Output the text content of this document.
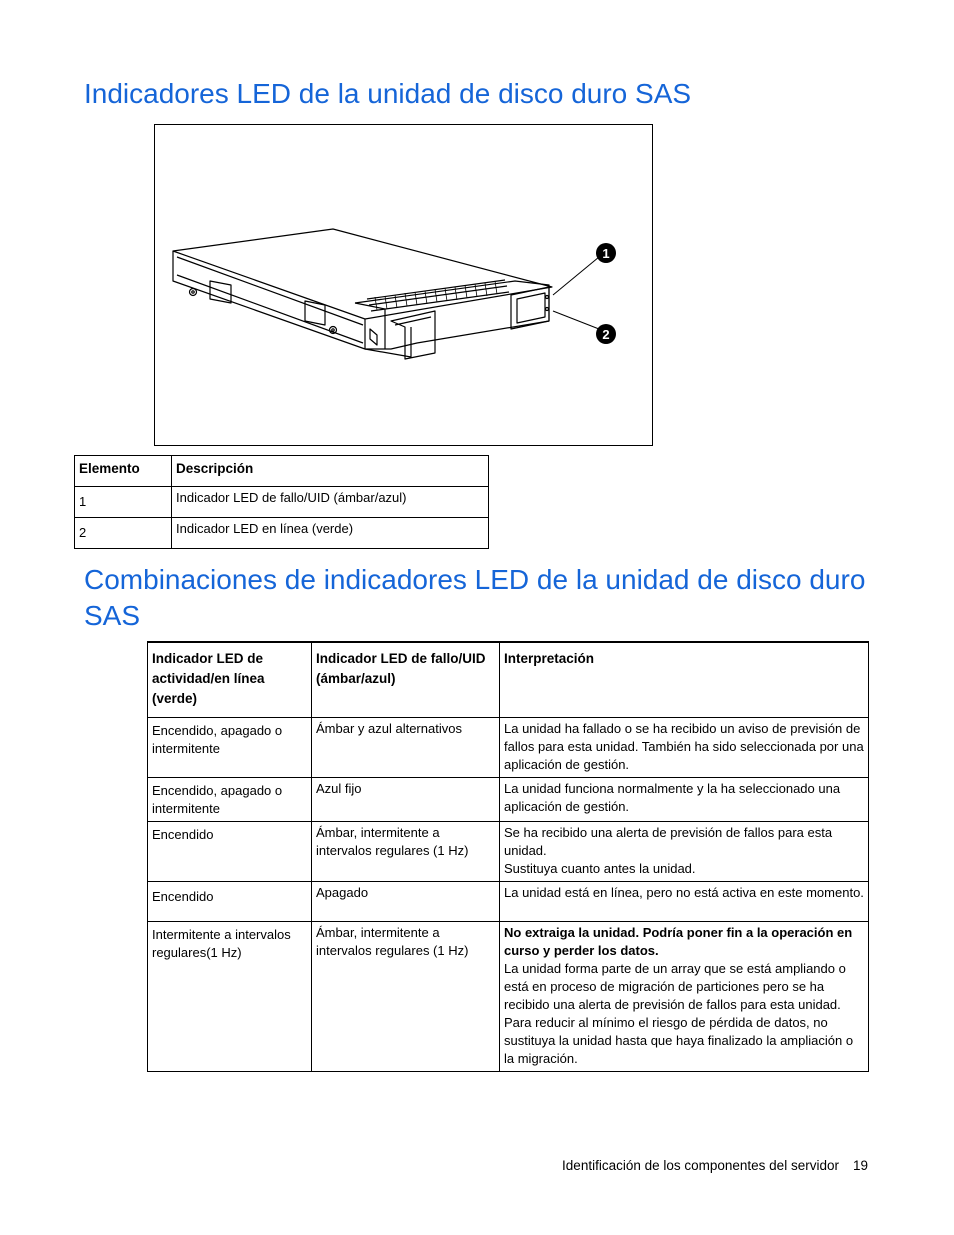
Indicadores LED de la unidad de disco duro SAS
1
2
Elemento	Descripción
1	Indicador LED de fallo/UID (ámbar/azul)
2	Indicador LED en línea (verde)
Combinaciones de indicadores LED de la unidad de disco duro SAS
Indicador LED de actividad/en línea (verde)	Indicador LED de fallo/UID (ámbar/azul)	Interpretación
Encendido, apagado o intermitente	Ámbar y azul alternativos	La unidad ha fallado o se ha recibido un aviso de previsión de fallos para esta unidad. También ha sido seleccionada por una aplicación de gestión.
Encendido, apagado o intermitente	Azul fijo	La unidad funciona normalmente y la ha seleccionado una aplicación de gestión.
Encendido	Ámbar, intermitente a intervalos regulares (1 Hz)	Se ha recibido una alerta de previsión de fallos para esta unidad.
Sustituya cuanto antes la unidad.

Encendido	Apagado	La unidad está en línea, pero no está activa en este momento.
Intermitente a intervalos regulares(1 Hz)	Ámbar, intermitente a intervalos regulares (1 Hz)	No extraiga la unidad. Podría poner fin a la operación en curso y perder los datos.
La unidad forma parte de un array que se está ampliando o está en proceso de migración de particiones pero se ha recibido una alerta de previsión de fallos para esta unidad. Para reducir al mínimo el riesgo de pérdida de datos, no sustituya la unidad hasta que haya finalizado la ampliación o la migración.
Identificación de los componentes del servidor 19
